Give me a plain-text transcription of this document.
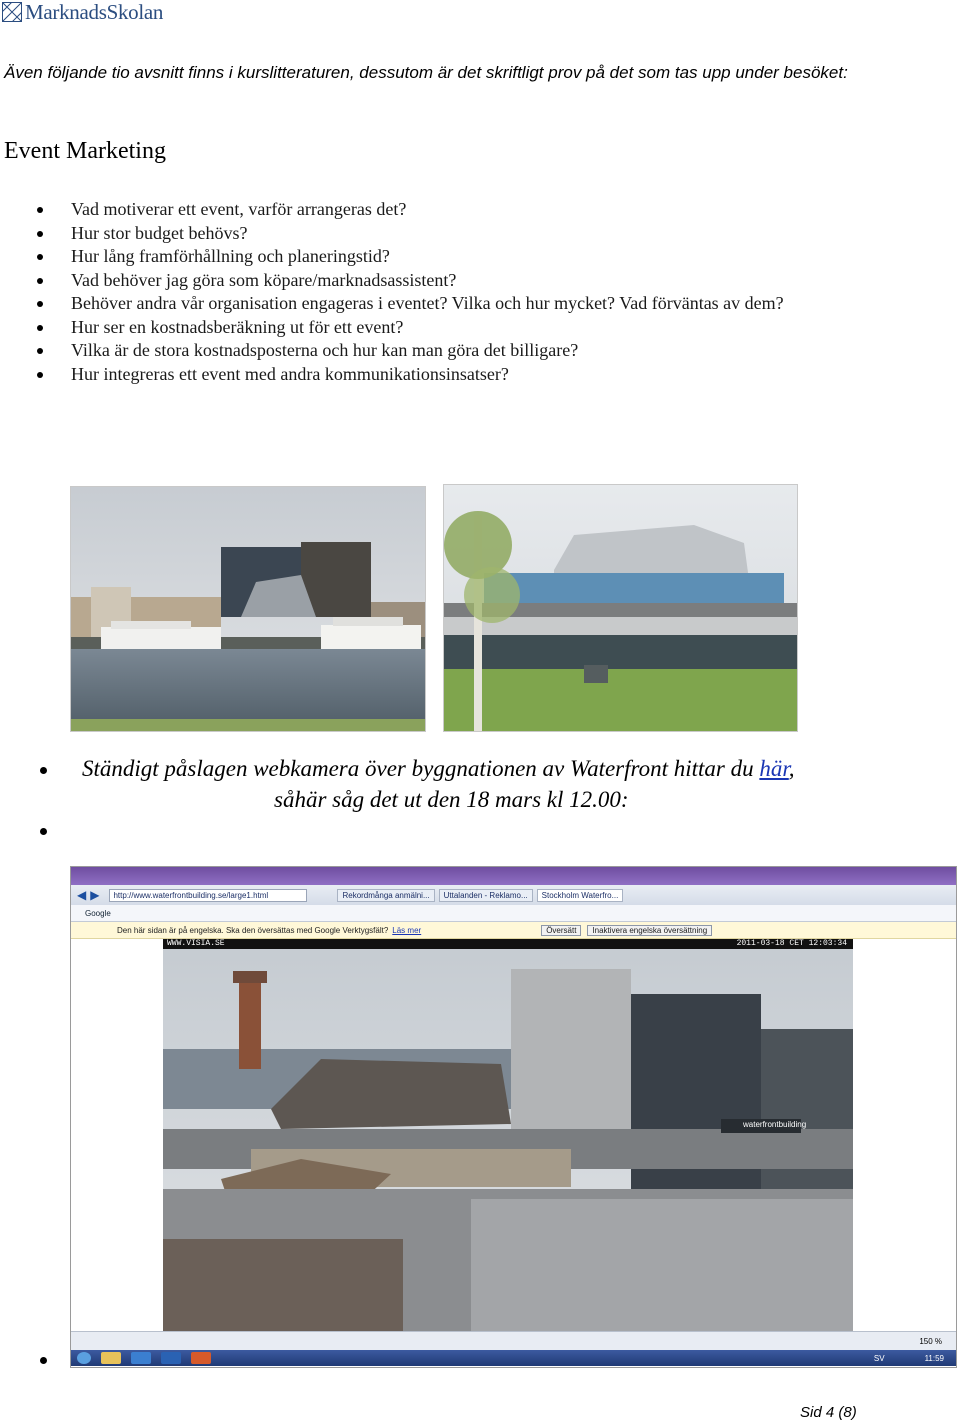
MarknadsSkolan
Även följande tio avsnitt finns i kurslitteraturen, dessutom är det skriftligt prov på det som tas upp under besöket:
Event Marketing
Vad motiverar ett event, varför arrangeras det?
Hur stor budget behövs?
Hur lång framförhållning och planeringstid?
Vad behöver jag göra som köpare/marknadsassistent?
Behöver andra vår organisation engageras i eventet? Vilka och hur mycket? Vad förväntas av dem?
Hur ser en kostnadsberäkning ut för ett event?
Vilka är de stora kostnadsposterna och hur kan man göra det billigare?
Hur integreras ett event med andra kommunikationsinsatser?
Ständigt påslagen webkamera över byggnationen av Waterfront hittar du här,
såhär såg det ut den 18 mars kl 12.00:
◀ ▶	http://www.waterfrontbuilding.se/large1.html	Rekordmånga anmälni...	Uttalanden - Reklamo...	Stockholm Waterfro...
Google
Den här sidan är på engelska. Ska den översättas med Google Verktygsfält? Läs mer	Översätt	Inaktivera engelska översättning
WWW.VISIA.SE	2011-03-18 CET 12:03:34
waterfrontbuilding
150 %
SV	11:59
Sid 4 (8)
